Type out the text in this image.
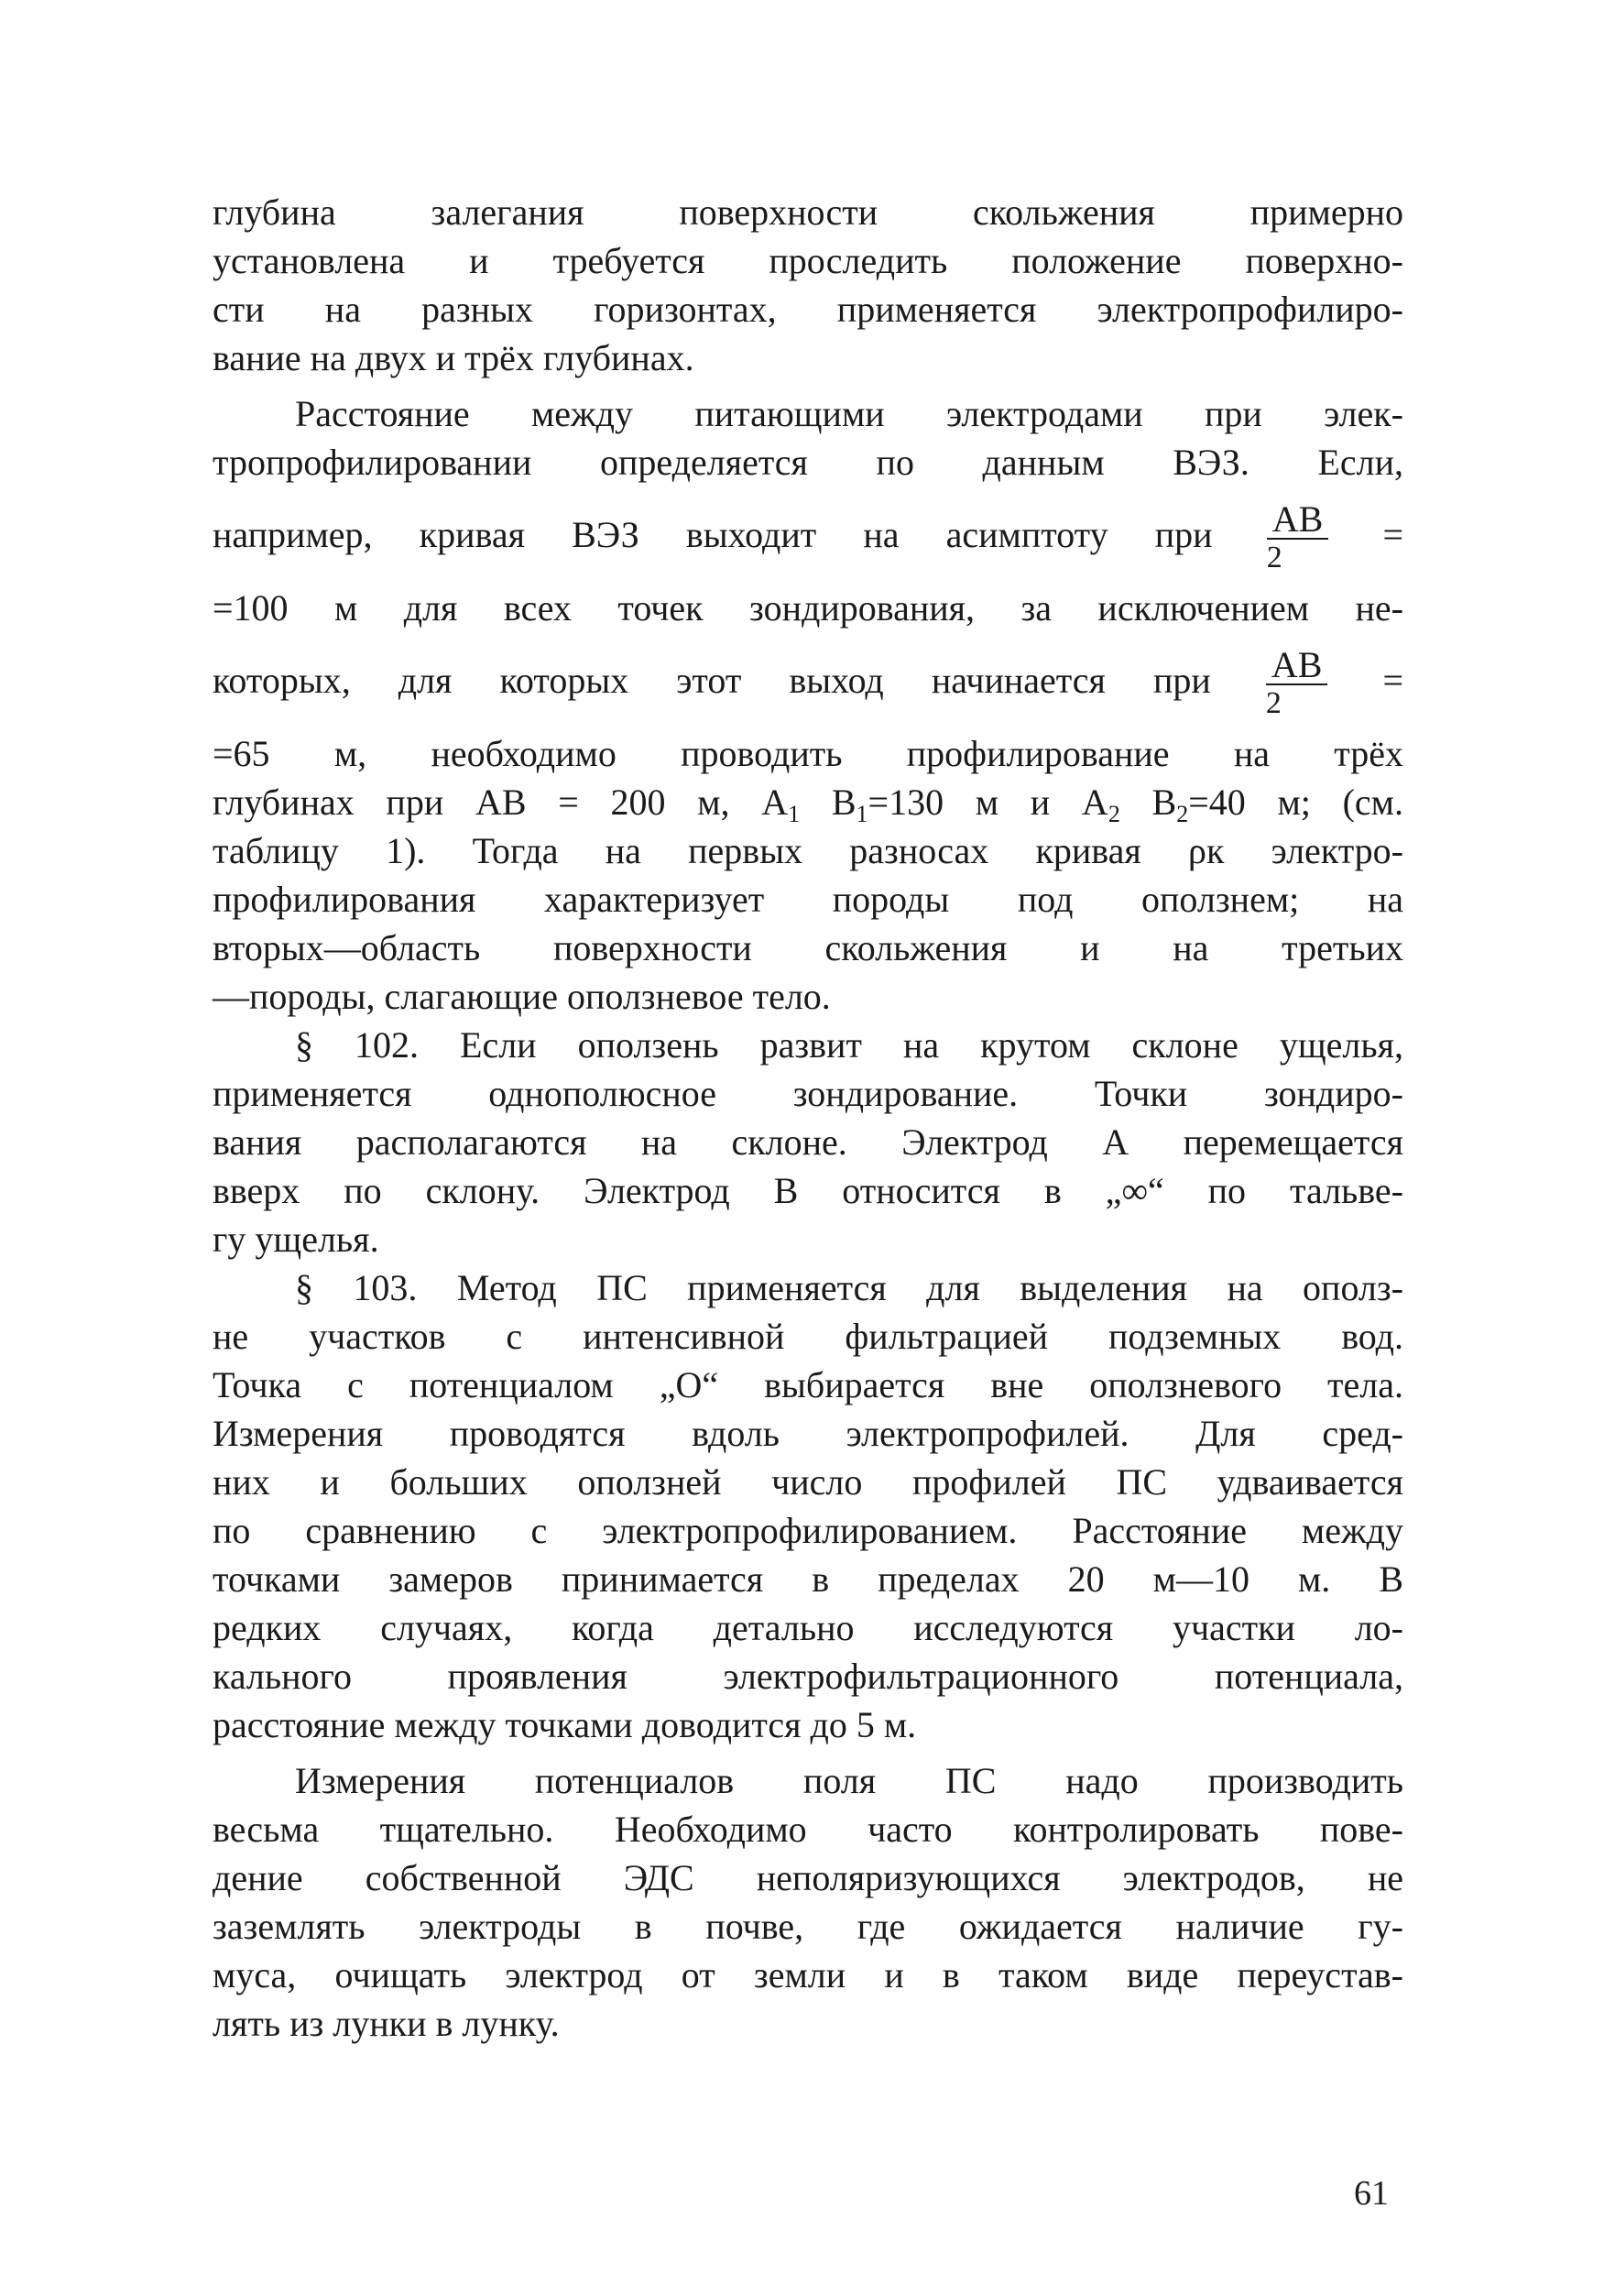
глубина залегания поверхности скольжения примерно
установлена и требуется проследить положение поверхно-
сти на разных горизонтах, применяется электропрофилиро-
вание на двух и трёх глубинах.
Расстояние между питающими электродами при элек-
тропрофилировании определяется по данным ВЭЗ. Если,
например, кривая ВЭЗ выходит на асимптоту при $\frac{AB}{2}$ =
=100 м для всех точек зондирования, за исключением не-
которых, для которых этот выход начинается при $\frac{AB}{2}$ =
=65 м, необходимо проводить профилирование на трёх
глубинах при AB = 200 м, $A_1$ $B_1=130$ м и $A_2$ $B_2=40$ м; (см.
таблицу 1). Тогда на первых разносах кривая ρк электро-
профилирования характеризует породы под оползнем; на
вторых—область поверхности скольжения и на третьих
—породы, слагающие оползневое тело.
§ 102. Если оползень развит на крутом склоне ущелья,
применяется однополюсное зондирование. Точки зондиро-
вания располагаются на склоне. Электрод А перемещается
вверх по склону. Электрод В относится в „∞“ по тальве-
гу ущелья.
§ 103. Метод ПС применяется для выделения на ополз-
не участков с интенсивной фильтрацией подземных вод.
Точка с потенциалом „О“ выбирается вне оползневого тела.
Измерения проводятся вдоль электропрофилей. Для сред-
них и больших оползней число профилей ПС удваивается
по сравнению с электропрофилированием. Расстояние между
точками замеров принимается в пределах 20 м—10 м. В
редких случаях, когда детально исследуются участки ло-
кального проявления электрофильтрационного потенциала,
расстояние между точками доводится до 5 м.
Измерения потенциалов поля ПС надо производить
весьма тщательно. Необходимо часто контролировать пове-
дение собственной ЭДС неполяризующихся электродов, не
заземлять электроды в почве, где ожидается наличие гу-
муса, очищать электрод от земли и в таком виде переустав-
лять из лунки в лунку.
61
